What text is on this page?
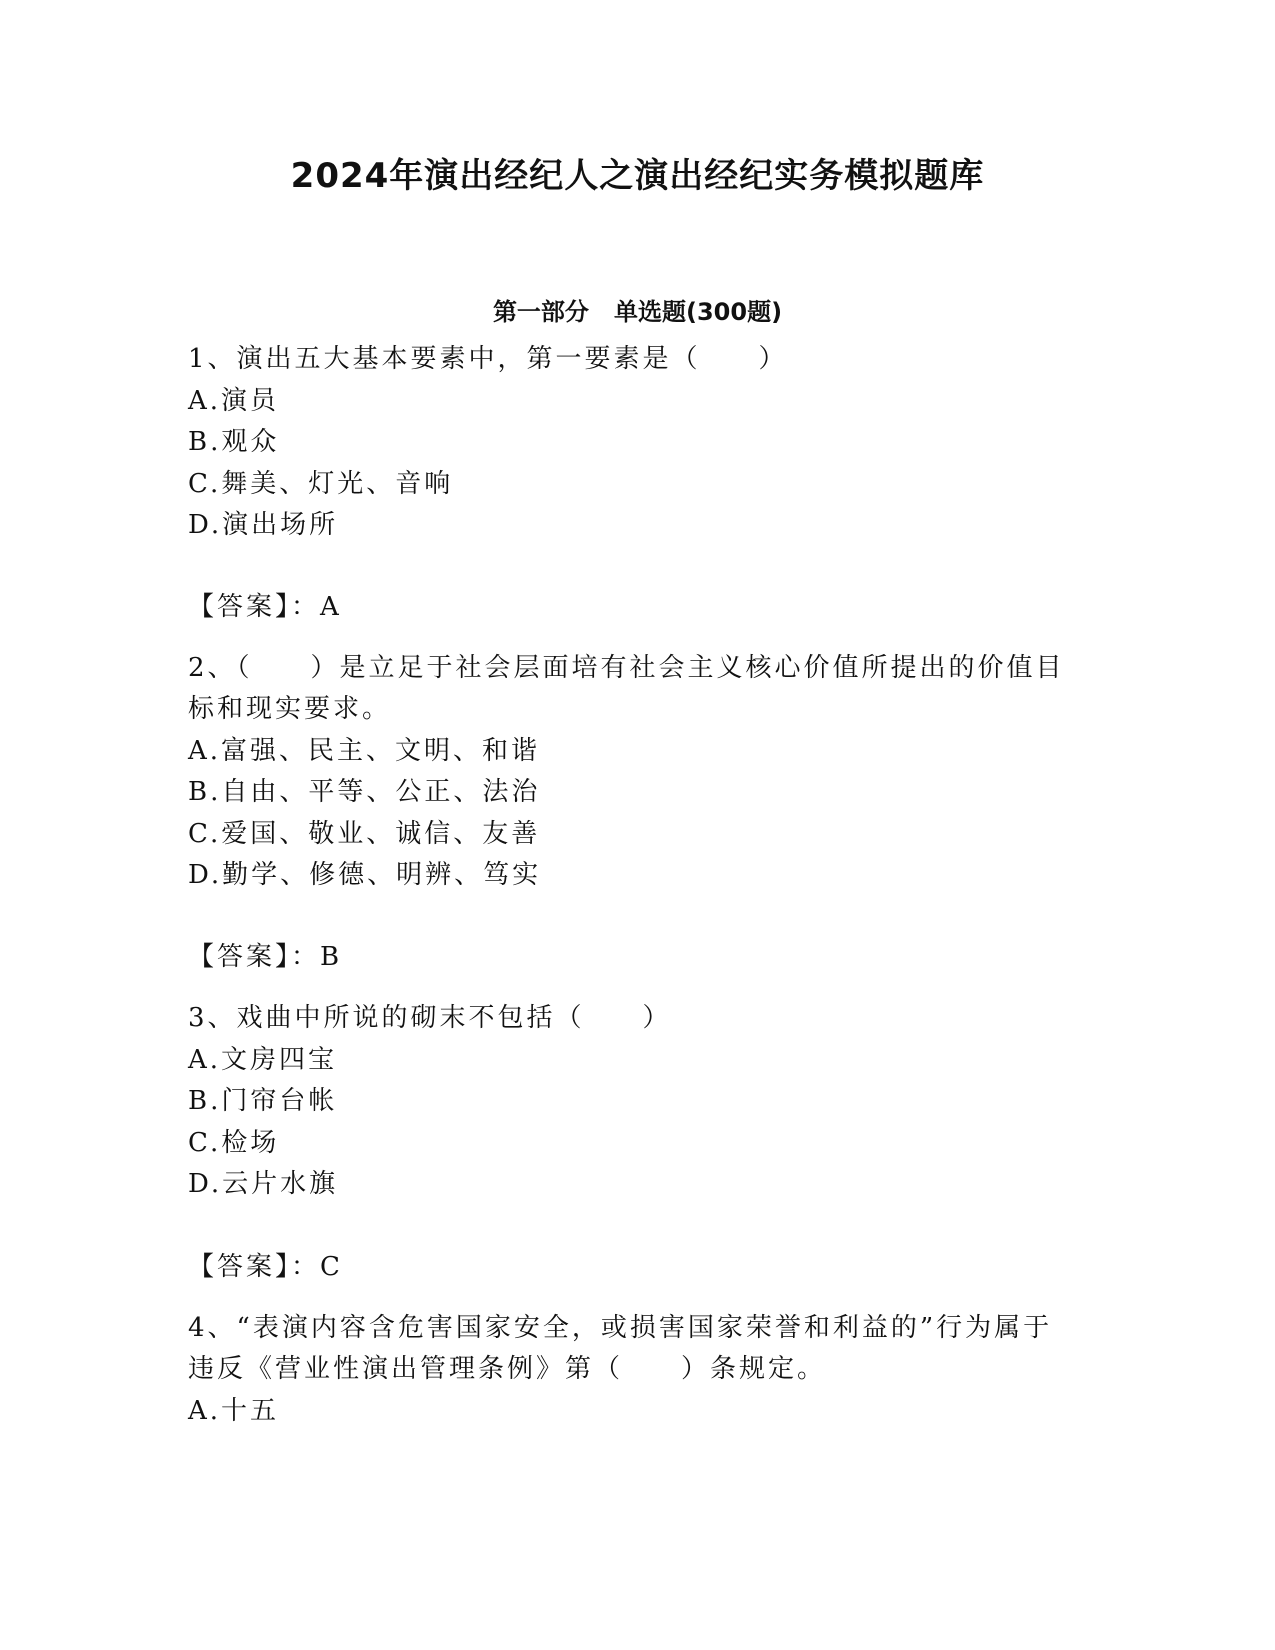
2024年演出经纪人之演出经纪实务模拟题库
第一部分   单选题(300题)

1、演出五大基本要素中，第一要素是（　　）

A.演员

B.观众

C.舞美、灯光、音响

D.演出场所

【答案】：A

2、（　　）是立足于社会层面培有社会主义核心价值所提出的价值目

标和现实要求。

A.富强、民主、文明、和谐

B.自由、平等、公正、法治

C.爱国、敬业、诚信、友善

D.勤学、修德、明辨、笃实

【答案】：B

3、戏曲中所说的砌末不包括（　　）

A.文房四宝

B.门帘台帐

C.检场

D.云片水旗

【答案】：C

4、“表演内容含危害国家安全，或损害国家荣誉和利益的”行为属于

违反《营业性演出管理条例》第（　　）条规定。

A.十五
